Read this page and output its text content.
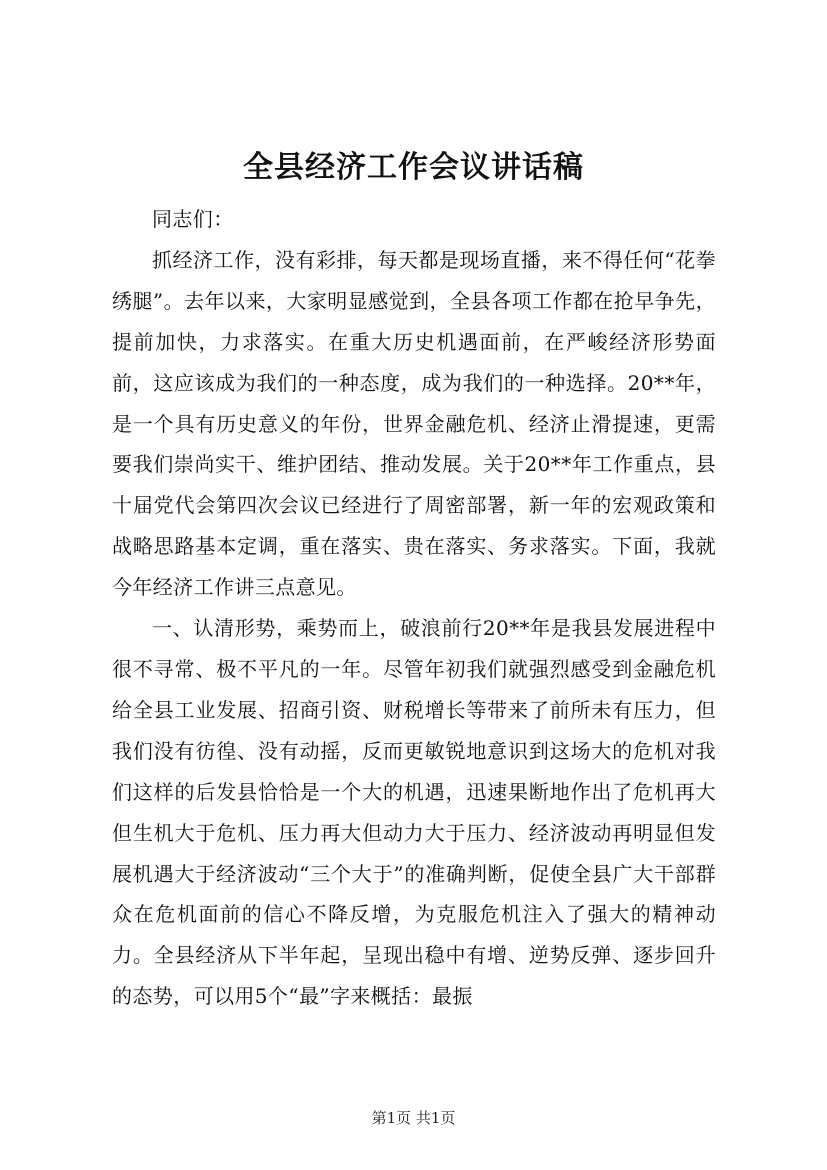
全县经济工作会议讲话稿

同志们：

抓经济工作，没有彩排，每天都是现场直播，来不得任何“花拳绣腿”。去年以来，大家明显感觉到，全县各项工作都在抢早争先，提前加快，力求落实。在重大历史机遇面前，在严峻经济形势面前，这应该成为我们的一种态度，成为我们的一种选择。20**年，是一个具有历史意义的年份，世界金融危机、经济止滑提速，更需要我们崇尚实干、维护团结、推动发展。关于20**年工作重点，县十届党代会第四次会议已经进行了周密部署，新一年的宏观政策和战略思路基本定调，重在落实、贵在落实、务求落实。下面，我就今年经济工作讲三点意见。

一、认清形势，乘势而上，破浪前行20**年是我县发展进程中很不寻常、极不平凡的一年。尽管年初我们就强烈感受到金融危机给全县工业发展、招商引资、财税增长等带来了前所未有压力，但我们没有彷徨、没有动摇，反而更敏锐地意识到这场大的危机对我们这样的后发县恰恰是一个大的机遇，迅速果断地作出了危机再大但生机大于危机、压力再大但动力大于压力、经济波动再明显但发展机遇大于经济波动“三个大于”的准确判断，促使全县广大干部群众在危机面前的信心不降反增，为克服危机注入了强大的精神动力。全县经济从下半年起，呈现出稳中有增、逆势反弹、逐步回升的态势，可以用5个“最”字来概括：最振

第1页 共1页
